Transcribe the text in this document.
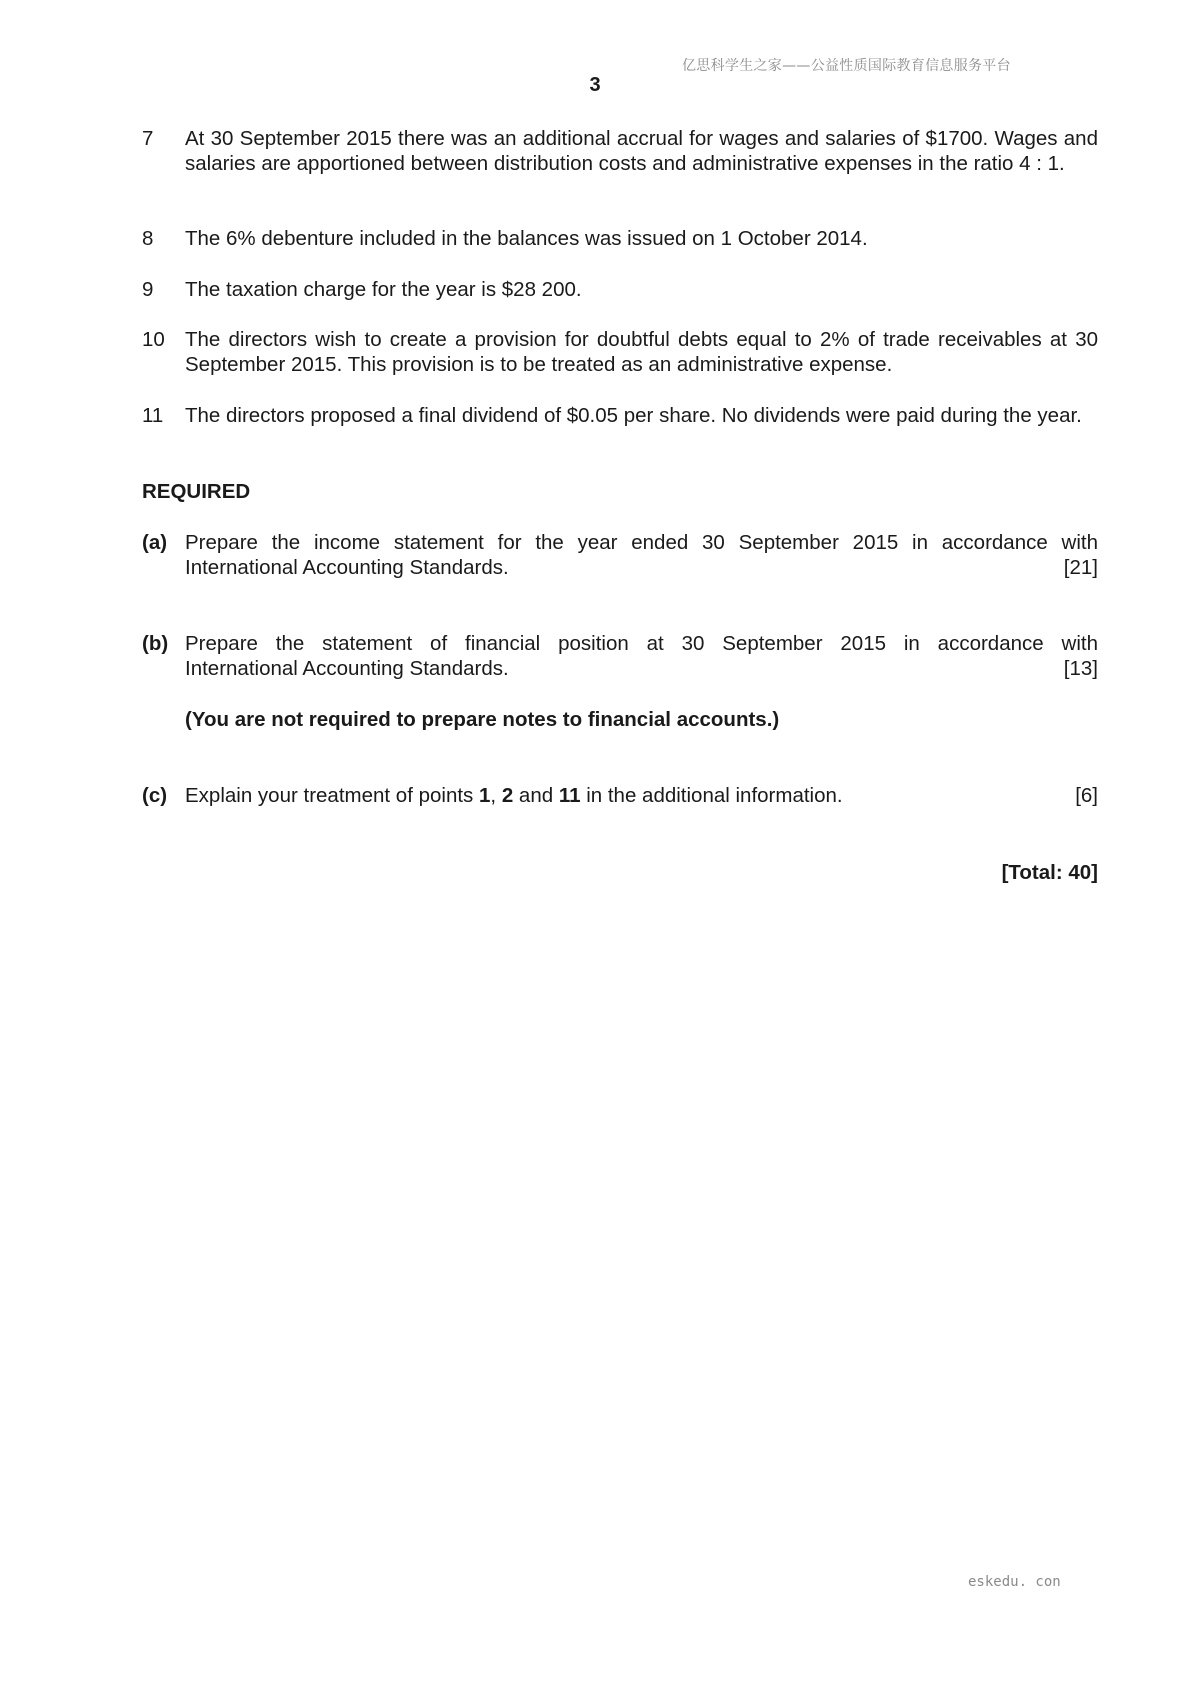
亿思科学生之家——公益性质国际教育信息服务平台
3
7 At 30 September 2015 there was an additional accrual for wages and salaries of $1700. Wages and salaries are apportioned between distribution costs and administrative expenses in the ratio 4 : 1.
8 The 6% debenture included in the balances was issued on 1 October 2014.
9 The taxation charge for the year is $28 200.
10 The directors wish to create a provision for doubtful debts equal to 2% of trade receivables at 30 September 2015. This provision is to be treated as an administrative expense.
11 The directors proposed a final dividend of $0.05 per share. No dividends were paid during the year.
REQUIRED
(a) Prepare the income statement for the year ended 30 September 2015 in accordance with
International Accounting Standards.	[21]
(b) Prepare the statement of financial position at 30 September 2015 in accordance with
International Accounting Standards.	[13]
(You are not required to prepare notes to financial accounts.)
(c) Explain your treatment of points 1, 2 and 11 in the additional information.	[6]
[Total: 40]
eskedu. con
